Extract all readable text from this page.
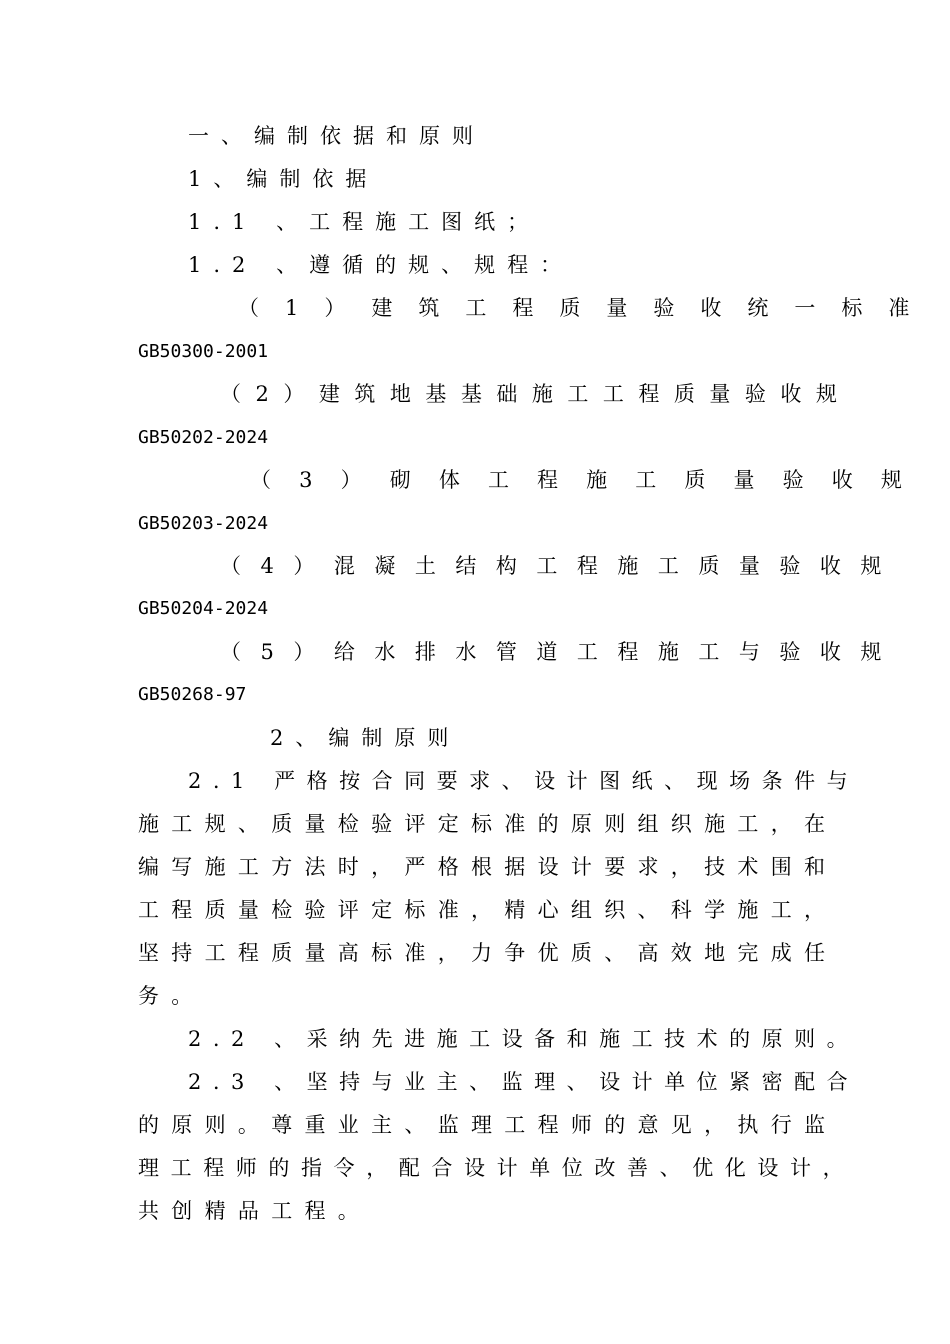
一、编制依据和原则
1、编制依据
1.1 、工程施工图纸；
1.2 、遵循的规、规程：
（1）建筑工程质量验收统一标准
GB50300-2001
（2）建筑地基基础施工工程质量验收规
GB50202-2024
（3）砌体工程施工质量验收规
GB50203-2024
（4）混凝土结构工程施工质量验收规
GB50204-2024
（5）给水排水管道工程施工与验收规
GB50268-97
2、编制原则
2.1 严格按合同要求、设计图纸、现场条件与
施工规、质量检验评定标准的原则组织施工，在
编写施工方法时，严格根据设计要求，技术围和
工程质量检验评定标准，精心组织、科学施工，
坚持工程质量高标准，力争优质、高效地完成任
务。
2.2 、采纳先进施工设备和施工技术的原则。
2.3 、坚持与业主、监理、设计单位紧密配合
的原则。尊重业主、监理工程师的意见，执行监
理工程师的指令，配合设计单位改善、优化设计，
共创精品工程。
